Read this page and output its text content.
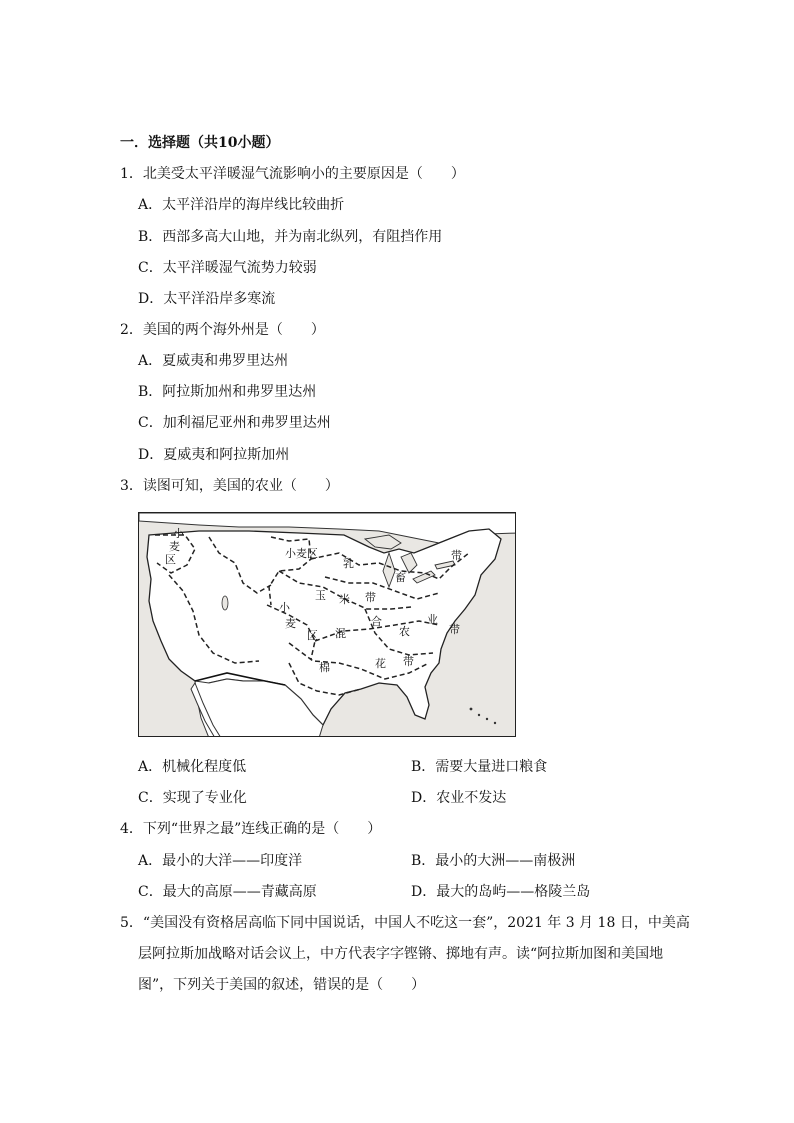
一．选择题（共10小题）
1．北美受太平洋暖湿气流影响小的主要原因是（　　）
A．太平洋沿岸的海岸线比较曲折
B．西部多高大山地，并为南北纵列，有阻挡作用
C．太平洋暖湿气流势力较弱
D．太平洋沿岸多寒流
2．美国的两个海外州是（　　）
A．夏威夷和弗罗里达州
B．阿拉斯加州和弗罗里达州
C．加利福尼亚州和弗罗里达州
D．夏威夷和阿拉斯加州
3．读图可知，美国的农业（　　）
小
麦
区	小麦区
乳
畜
带
玉 米 带
小
麦
区 混
合
农
业
带
棉	花 带
A．机械化程度低	B．需要大量进口粮食
C．实现了专业化	D．农业不发达
4．下列“世界之最”连线正确的是（　　）
A．最小的大洋——印度洋	B．最小的大洲——南极洲
C．最大的高原——青藏高原	D．最大的岛屿——格陵兰岛
5．“美国没有资格居高临下同中国说话，中国人不吃这一套”，2021 年 3 月 18 日，中美高
层阿拉斯加战略对话会议上，中方代表字字铿锵、掷地有声。读“阿拉斯加图和美国地
图”，下列关于美国的叙述，错误的是（　　）
